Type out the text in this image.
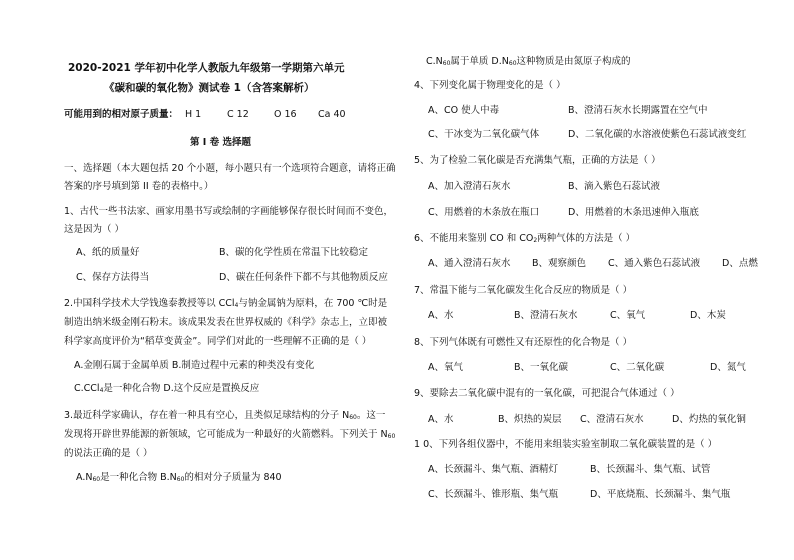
2020-2021 学年初中化学人教版九年级第一学期第六单元
《碳和碳的氧化物》测试卷 1（含答案解析）
可能用到的相对原子质量： H 1	C 12	O 16 Ca 40
第 I 卷 选择题
一、选择题（本大题包括 20 个小题，每小题只有一个选项符合题意，请将正确
答案的序号填到第 II 卷的表格中。）
1、古代一些书法家、画家用墨书写或绘制的字画能够保存很长时间而不变色，
这是因为（ ）
A、纸的质量好	B、碳的化学性质在常温下比较稳定
C、保存方法得当	D、碳在任何条件下都不与其他物质反应
2.中国科学技术大学钱逸泰教授等以 CCl4与钠金属钠为原料，在 700 ℃时是
制造出纳米级金刚石粉末。该成果发表在世界权威的《科学》杂志上，立即被
科学家高度评价为“稻草变黄金”。同学们对此的一些理解不正确的是（ ）
A.金刚石属于金属单质 B.制造过程中元素的种类没有变化
C.CCl4是一种化合物 D.这个反应是置换反应
3.最近科学家确认，存在着一种具有空心，且类似足球结构的分子 N60。这一
发现将开辟世界能源的新领域，它可能成为一种最好的火箭燃料。下列关于 N60
的说法正确的是（ ）
A.N60是一种化合物 B.N60的相对分子质量为 840
C.N60属于单质 D.N60这种物质是由氮原子构成的
4、下列变化属于物理变化的是（ ）
A、CO 使人中毒	B、澄清石灰水长期露置在空气中
C、干冰变为二氧化碳气体	D、二氧化碳的水溶液使紫色石蕊试液变红
5、为了检验二氧化碳是否充满集气瓶，正确的方法是（ ）
A、加入澄清石灰水	B、滴入紫色石蕊试液
C、用燃着的木条放在瓶口	D、用燃着的木条迅速伸入瓶底
6、不能用来鉴别 CO 和 CO2两种气体的方法是（ ）
A、通入澄清石灰水 B、观察颜色 C、通入紫色石蕊试液 D、点燃
7、常温下能与二氧化碳发生化合反应的物质是（ ）
A、水	B、澄清石灰水	C、氧气	D、木炭
8、下列气体既有可燃性又有还原性的化合物是（ ）
A、氧气	B、一氧化碳	C、二氧化碳	D、氮气
9、要除去二氧化碳中混有的一氧化碳，可把混合气体通过（ ）
A、水	B、炽热的炭层 C、澄清石灰水	D、灼热的氧化铜
1 0、下列各组仪器中，不能用来组装实验室制取二氧化碳装置的是（ ）
A、长颈漏斗、集气瓶、酒精灯	B、长颈漏斗、集气瓶、试管
C、长颈漏斗、锥形瓶、集气瓶	D、平底烧瓶、长颈漏斗、集气瓶
